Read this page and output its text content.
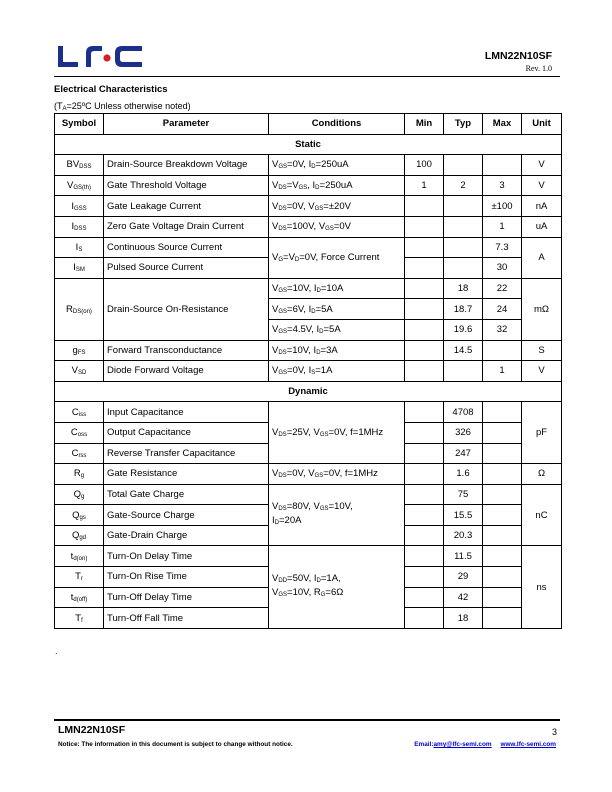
LMN22N10SF
Rev. 1.0
Electrical Characteristics
($T_A=25ºC$ Unless otherwise noted)
Symbol	Parameter	Conditions	Min	Typ	Max	Unit
Static						
$BV_{DSS}$	Drain-Source Breakdown Voltage	$V_{GS}=0V$, $I_D=250uA$	100			V
$V_{GS(th)}$	Gate Threshold Voltage	$V_{DS}=V_{GS}$, $I_D=250uA$	1	2	3	V
$I_{GSS}$	Gate Leakage Current	$V_{DS}=0V$, $V_{GS}=\pm 20V$			±100	nA
$I_{DSS}$	Zero Gate Voltage Drain Current	$V_{DS}=100V$, $V_{GS}=0V$			1	uA
$I_S$	Continuous Source Current	$V_G=V_D=0V$, Force Current			7.3	A
$I_{SM}$	Pulsed Source Current				30	
$R_{DS(on)}$	Drain-Source On-Resistance	$V_{GS}=10V$, $I_D=10A$		18	22	mΩ
		$V_{GS}=6V$, $I_D=5A$		18.7	24	
		$V_{GS}=4.5V$, $I_D=5A$		19.6	32	
$g_{FS}$	Forward Transconductance	$V_{DS}=10V$, $I_D=3A$		14.5		S
$V_{SD}$	Diode Forward Voltage	$V_{GS}=0V$, $I_S=1A$			1	V
Dynamic						
$C_{iss}$	Input Capacitance	$V_{DS}=25V$, $V_{GS}=0V$, f=1MHz		4708		pF
$C_{oss}$	Output Capacitance			326		
$C_{rss}$	Reverse Transfer Capacitance			247		
$R_g$	Gate Resistance	$V_{DS}=0V$, $V_{GS}=0V$, f=1MHz		1.6		Ω
$Q_g$	Total Gate Charge	$V_{DS}=80V$, $V_{GS}=10V$,
$I_D=20A$		75		nC
$Q_{gs}$	Gate-Source Charge			15.5		
$Q_{gd}$	Gate-Drain Charge			20.3		
$t_{d(on)}$	Turn-On Delay Time	$V_{DD}=50V$, $I_D=1A$,
$V_{GS}=10V$, $R_G=6\Omega$		11.5		ns
$T_r$	Turn-On Rise Time			29		
$t_{d(off)}$	Turn-Off Delay Time			42		
$T_f$	Turn-Off Fall Time			18		
.
LMN22N10SF	3
Notice: The information in this document is subject to change without notice.	Email:amy@lfc-semi.com www.lfc-semi.com
